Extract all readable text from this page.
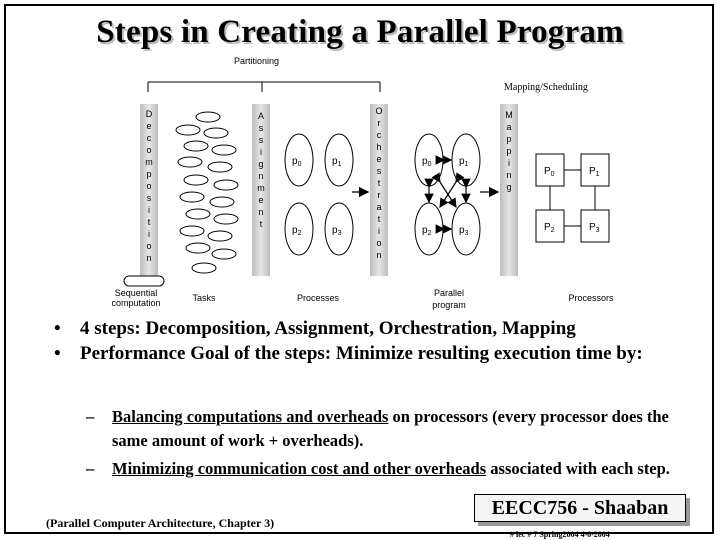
Steps in Creating a Parallel Program
Partitioning
Mapping/Scheduling
D
e
c
o
m
p
o
s
i
t
i
o
n
A
s
s
i
g
n
m
e
n
t
O
r
c
h
e
s
t
r
a
t
i
o
n
M
a
p
p
i
n
g
$p_0$	$p_1$
$p_2$	$p_3$
$p_0$	$p_1$
$p_2$	$p_3$
$P_0$	$P_1$
$P_2$	$P_3$
Sequential
computation	Tasks	Processes	Parallel
program
Processors
• 4 steps: Decomposition, Assignment, Orchestration, Mapping
• Performance Goal of the steps: Minimize resulting execution time by:
– Balancing computations and overheads on processors (every processor does the same amount of work + overheads).
– Minimizing communication cost and other overheads associated with each step.
(Parallel Computer Architecture, Chapter 3)
EECC756 - Shaaban
# lec # 7 Spring2004 4-6-2004
